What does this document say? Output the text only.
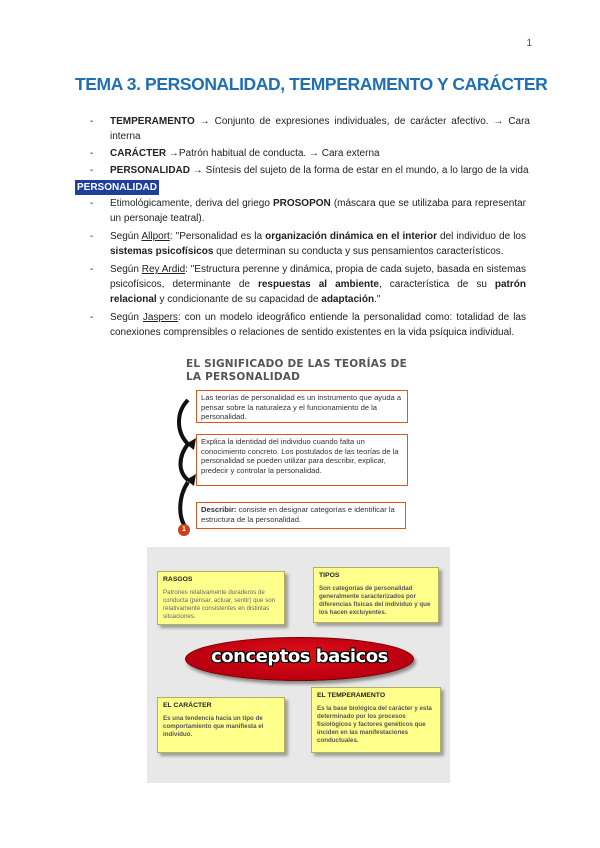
1
TEMA 3. PERSONALIDAD, TEMPERAMENTO Y CARÁCTER
- TEMPERAMENTO → Conjunto de expresiones individuales, de carácter afectivo. → Cara interna
- CARÁCTER →Patrón habitual de conducta. → Cara externa
- PERSONALIDAD → Síntesis del sujeto de la forma de estar en el mundo, a lo largo de la vida
PERSONALIDAD
- Etimológicamente, deriva del griego PROSOPON (máscara que se utilizaba para representar un personaje teatral).
- Según Allport: "Personalidad es la organización dinámica en el interior del individuo de los sistemas psicofísicos que determinan su conducta y sus pensamientos característicos.
- Según Rey Ardid: "Estructura perenne y dinámica, propia de cada sujeto, basada en sistemas psicofísicos, determinante de respuestas al ambiente, característica de su patrón relacional y condicionante de su capacidad de adaptación."
- Según Jaspers: con un modelo ideográfico entiende la personalidad como: totalidad de las conexiones comprensibles o relaciones de sentido existentes en la vida psíquica individual.
EL SIGNIFICADO DE LAS TEORÍAS DE
LA PERSONALIDAD
Las teorías de personalidad es un instrumento que ayuda a pensar sobre la naturaleza y el funcionamiento de la personalidad.
Explica la identidad del individuo cuando falta un conocimiento concreto. Los postulados de las teorías de la personalidad se pueden utilizar para describir, explicar, predecir y controlar la personalidad.
Describir: consiste en designar categorías e identificar la estructura de la personalidad.
1
RASGOS
Patrones relativamente duraderos de conducta (pensar, actuar, sentir) que son relativamente consistentes en distintas situaciones.
TIPOS
Son categorías de personalidad generalmente caracterizados por diferencias físicas del individuo y que los hacen excluyentes.
conceptos basicos
EL CARÁCTER
Es una tendencia hacia un tipo de comportamiento que manifiesta el individuo.
EL TEMPERAMENTO
Es la base biológica del carácter y esta determinado por los procesos fisiológicos y factores genéticos que inciden en las manifestaciones conductuales.
